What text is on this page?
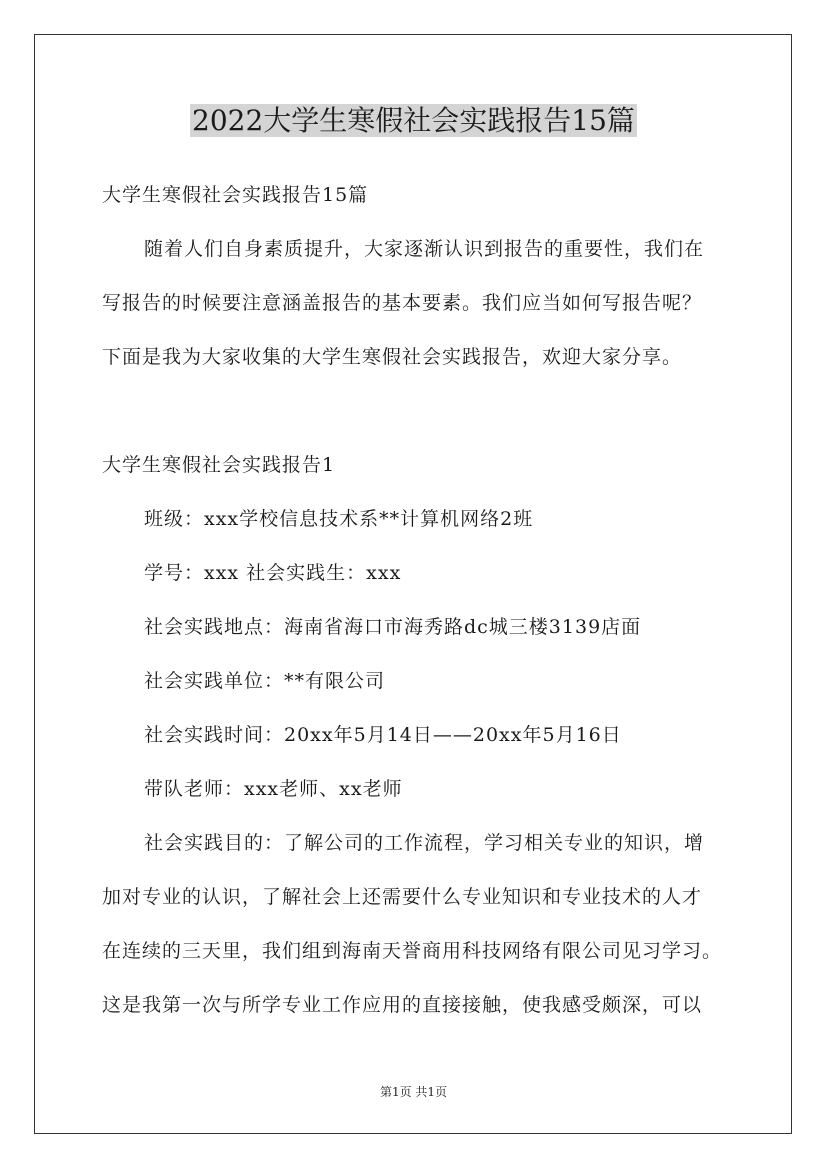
2022大学生寒假社会实践报告15篇
大学生寒假社会实践报告15篇
随着人们自身素质提升，大家逐渐认识到报告的重要性，我们在
写报告的时候要注意涵盖报告的基本要素。我们应当如何写报告呢？
下面是我为大家收集的大学生寒假社会实践报告，欢迎大家分享。
大学生寒假社会实践报告1
班级：xxx学校信息技术系**计算机网络2班
学号：xxx 社会实践生：xxx
社会实践地点：海南省海口市海秀路dc城三楼3139店面
社会实践单位：**有限公司
社会实践时间：20xx年5月14日——20xx年5月16日
带队老师：xxx老师、xx老师
社会实践目的：了解公司的工作流程，学习相关专业的知识，增
加对专业的认识，了解社会上还需要什么专业知识和专业技术的人才
在连续的三天里，我们组到海南天誉商用科技网络有限公司见习学习。
这是我第一次与所学专业工作应用的直接接触，使我感受颇深，可以
第1页 共1页
